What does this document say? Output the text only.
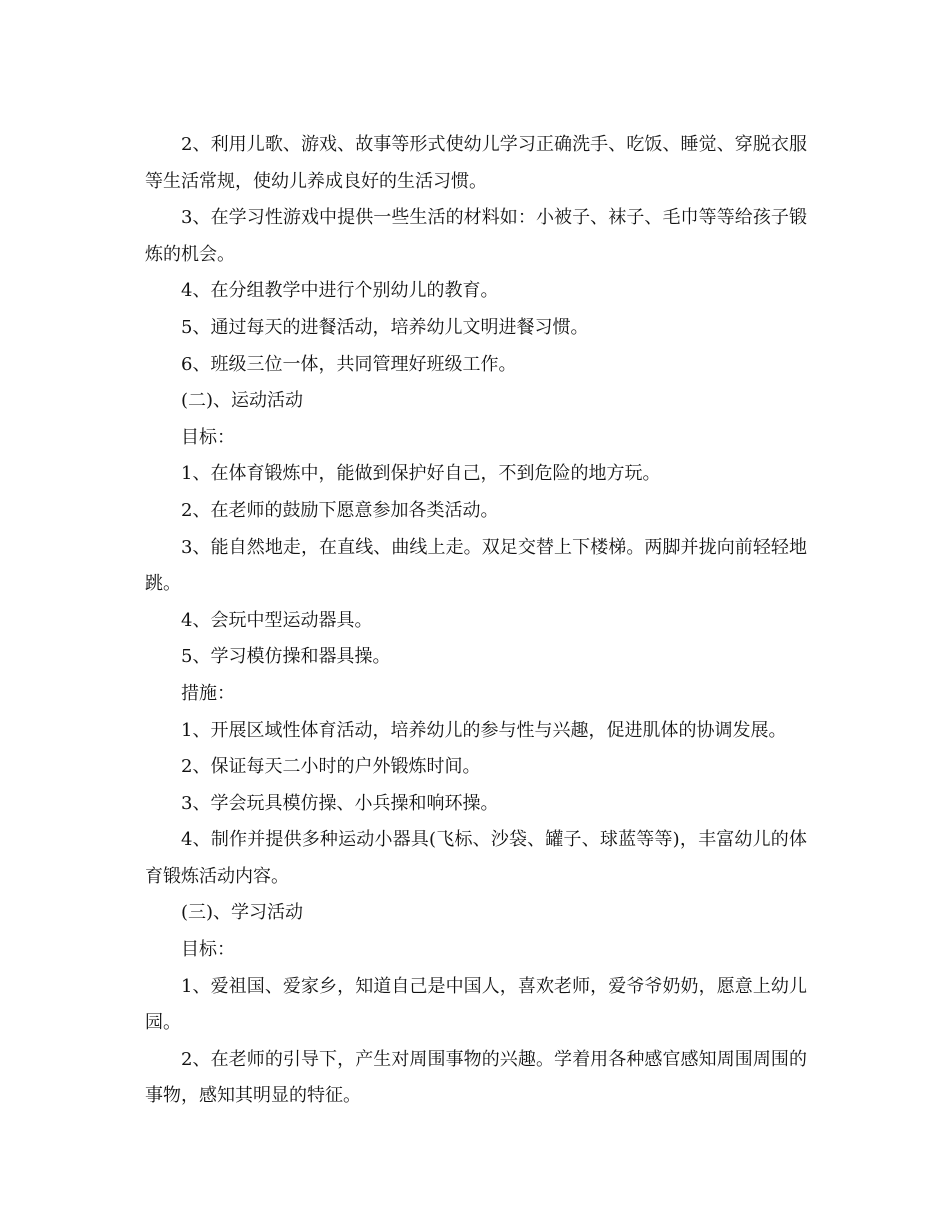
2、利用儿歌、游戏、故事等形式使幼儿学习正确洗手、吃饭、睡觉、穿脱衣服等生活常规，使幼儿养成良好的生活习惯。

3、在学习性游戏中提供一些生活的材料如：小被子、袜子、毛巾等等给孩子锻炼的机会。

4、在分组教学中进行个别幼儿的教育。

5、通过每天的进餐活动，培养幼儿文明进餐习惯。

6、班级三位一体，共同管理好班级工作。

(二)、运动活动

目标：

1、在体育锻炼中，能做到保护好自己，不到危险的地方玩。

2、在老师的鼓励下愿意参加各类活动。

3、能自然地走，在直线、曲线上走。双足交替上下楼梯。两脚并拢向前轻轻地跳。

4、会玩中型运动器具。

5、学习模仿操和器具操。

措施：

1、开展区域性体育活动，培养幼儿的参与性与兴趣，促进肌体的协调发展。

2、保证每天二小时的户外锻炼时间。

3、学会玩具模仿操、小兵操和响环操。

4、制作并提供多种运动小器具(飞标、沙袋、罐子、球蓝等等)，丰富幼儿的体育锻炼活动内容。

(三)、学习活动

目标：

1、爱祖国、爱家乡，知道自己是中国人，喜欢老师，爱爷爷奶奶，愿意上幼儿园。

2、在老师的引导下，产生对周围事物的兴趣。学着用各种感官感知周围周围的事物，感知其明显的特征。
